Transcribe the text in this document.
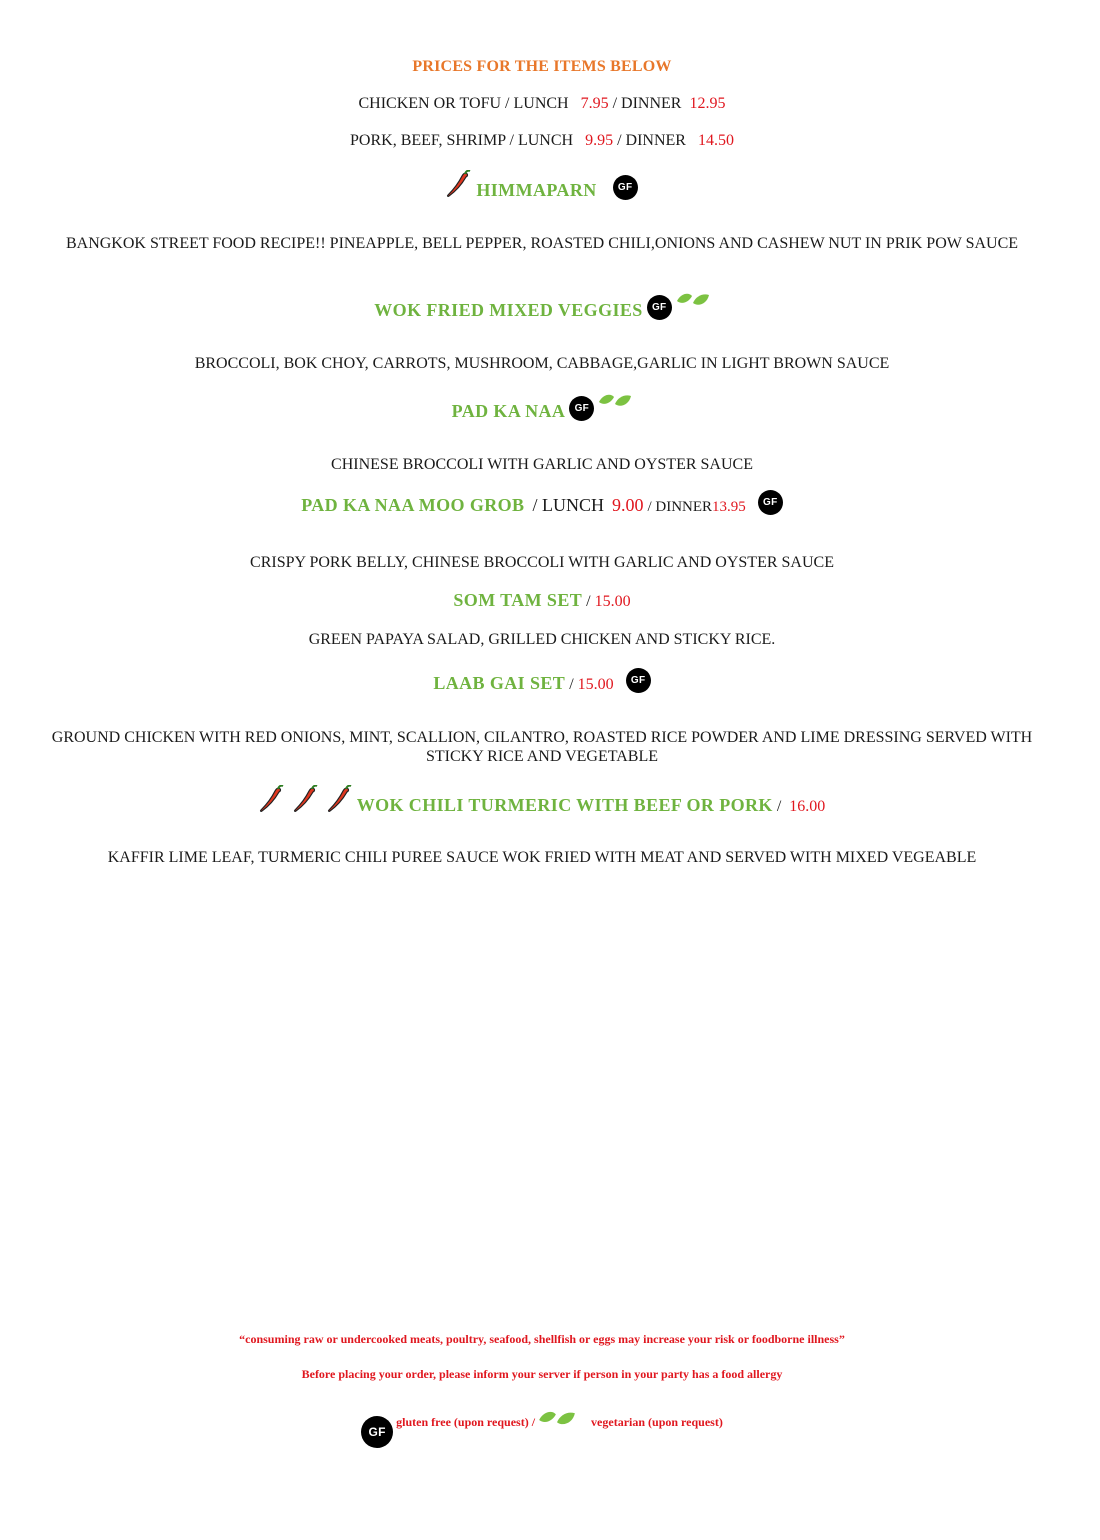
PRICES FOR THE ITEMS BELOW
CHICKEN OR TOFU / LUNCH 7.95 / DINNER 12.95
PORK, BEEF, SHRIMP / LUNCH 9.95 / DINNER 14.50
HIMMAPARN GF
BANGKOK STREET FOOD RECIPE!! PINEAPPLE, BELL PEPPER, ROASTED CHILI,ONIONS AND CASHEW NUT IN PRIK POW SAUCE
WOK FRIED MIXED VEGGIES GF
BROCCOLI, BOK CHOY, CARROTS, MUSHROOM, CABBAGE,GARLIC IN LIGHT BROWN SAUCE
PAD KA NAA GF
CHINESE BROCCOLI WITH GARLIC AND OYSTER SAUCE
PAD KA NAA MOO GROB / LUNCH 9.00 / DINNER13.95 GF
CRISPY PORK BELLY, CHINESE BROCCOLI WITH GARLIC AND OYSTER SAUCE
SOM TAM SET / 15.00
GREEN PAPAYA SALAD, GRILLED CHICKEN AND STICKY RICE.
LAAB GAI SET / 15.00 GF
GROUND CHICKEN WITH RED ONIONS, MINT, SCALLION, CILANTRO, ROASTED RICE POWDER AND LIME DRESSING SERVED WITH STICKY RICE AND VEGETABLE
WOK CHILI TURMERIC WITH BEEF OR PORK / 16.00
KAFFIR LIME LEAF, TURMERIC CHILI PUREE SAUCE WOK FRIED WITH MEAT AND SERVED WITH MIXED VEGEABLE
“consuming raw or undercooked meats, poultry, seafood, shellfish or eggs may increase your risk or foodborne illness”
Before placing your order, please inform your server if person in your party has a food allergy
GF gluten free (upon request) /	vegetarian (upon request)
